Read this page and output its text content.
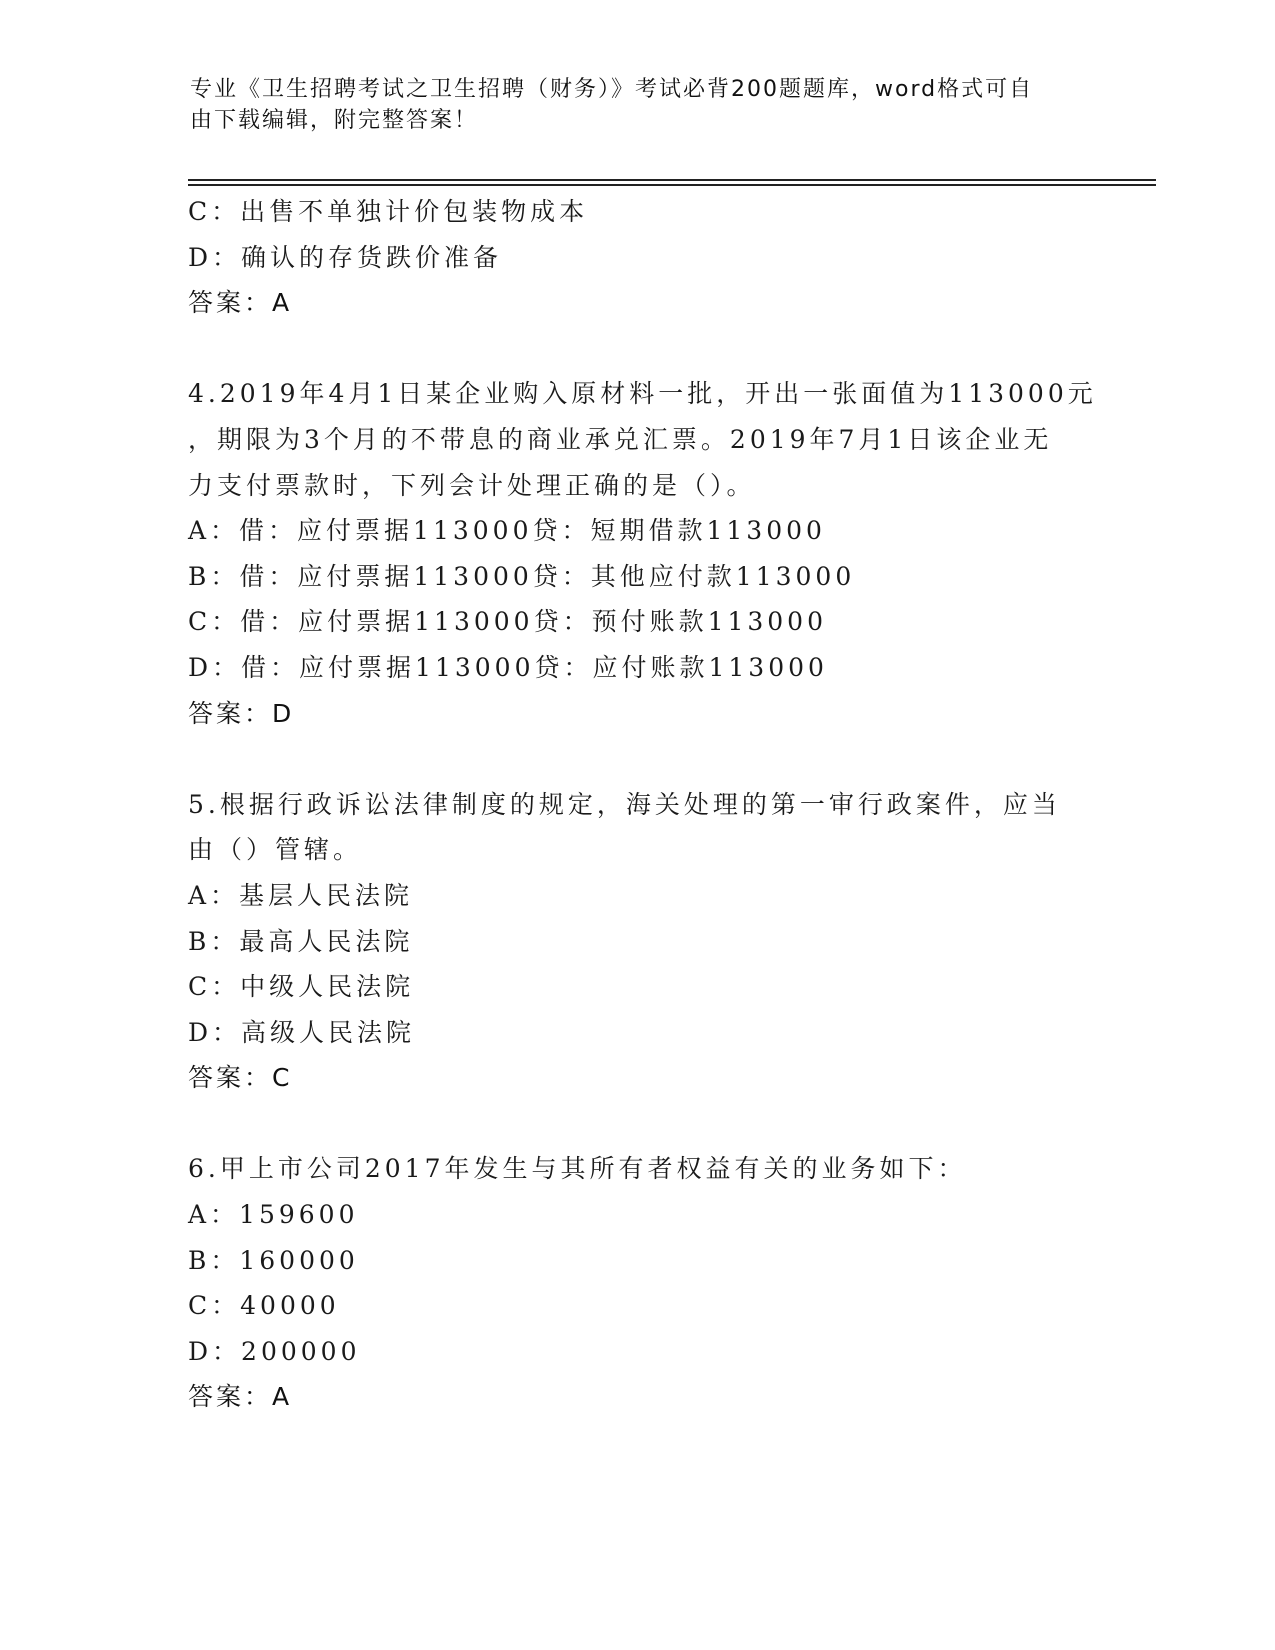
专业《卫生招聘考试之卫生招聘（财务）》考试必背200题题库，word格式可自
由下载编辑，附完整答案！
C：出售不单独计价包装物成本
D：确认的存货跌价准备
答案：A
4.2019年4月1日某企业购入原材料一批，开出一张面值为113000元
，期限为3个月的不带息的商业承兑汇票。2019年7月1日该企业无
力支付票款时，下列会计处理正确的是（）。
A：借：应付票据113000贷：短期借款113000
B：借：应付票据113000贷：其他应付款113000
C：借：应付票据113000贷：预付账款113000
D：借：应付票据113000贷：应付账款113000
答案：D
5.根据行政诉讼法律制度的规定，海关处理的第一审行政案件，应当
由（）管辖。
A：基层人民法院
B：最高人民法院
C：中级人民法院
D：高级人民法院
答案：C
6.甲上市公司2017年发生与其所有者权益有关的业务如下：
A：159600
B：160000
C：40000
D：200000
答案：A
